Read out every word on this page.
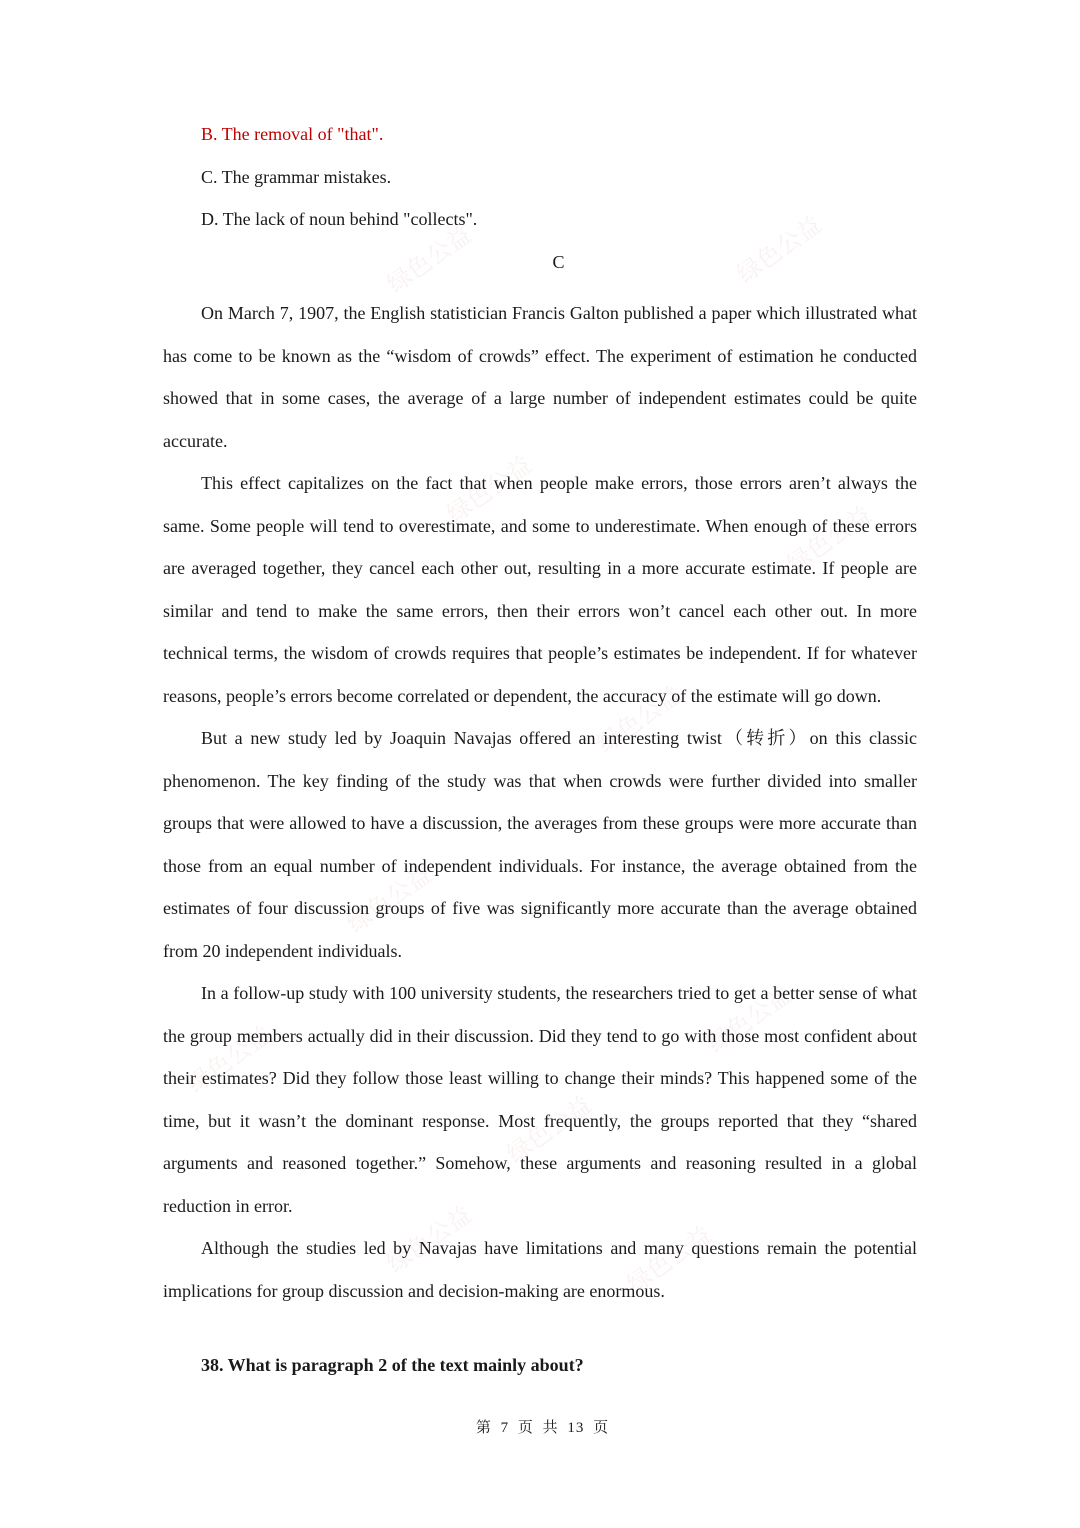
绿色公益	绿色公益
绿色公益
绿色公益
绿色公益
绿色公益
绿色公益
绿色公益
绿色公益
绿色公益	绿色公益
B. The removal of "that".
C. The grammar mistakes.
D. The lack of noun behind "collects".
C

On March 7, 1907, the English statistician Francis Galton published a paper which illustrated what has come to be known as the “wisdom of crowds” effect. The experiment of estimation he conducted showed that in some cases, the average of a large number of independent estimates could be quite accurate.

This effect capitalizes on the fact that when people make errors, those errors aren’t always the same. Some people will tend to overestimate, and some to underestimate. When enough of these errors are averaged together, they cancel each other out, resulting in a more accurate estimate. If people are similar and tend to make the same errors, then their errors won’t cancel each other out. In more technical terms, the wisdom of crowds requires that people’s estimates be independent. If for whatever reasons, people’s errors become correlated or dependent, the accuracy of the estimate will go down.

But a new study led by Joaquin Navajas offered an interesting twist（转折）on this classic phenomenon. The key finding of the study was that when crowds were further divided into smaller groups that were allowed to have a discussion, the averages from these groups were more accurate than those from an equal number of independent individuals. For instance, the average obtained from the estimates of four discussion groups of five was significantly more accurate than the average obtained from 20 independent individuals.

In a follow-up study with 100 university students, the researchers tried to get a better sense of what the group members actually did in their discussion. Did they tend to go with those most confident about their estimates? Did they follow those least willing to change their minds? This happened some of the time, but it wasn’t the dominant response. Most frequently, the groups reported that they “shared arguments and reasoned together.” Somehow, these arguments and reasoning resulted in a global reduction in error.

Although the studies led by Navajas have limitations and many questions remain the potential implications for group discussion and decision-making are enormous.

38. What is paragraph 2 of the text mainly about?
第 7 页 共 13 页
